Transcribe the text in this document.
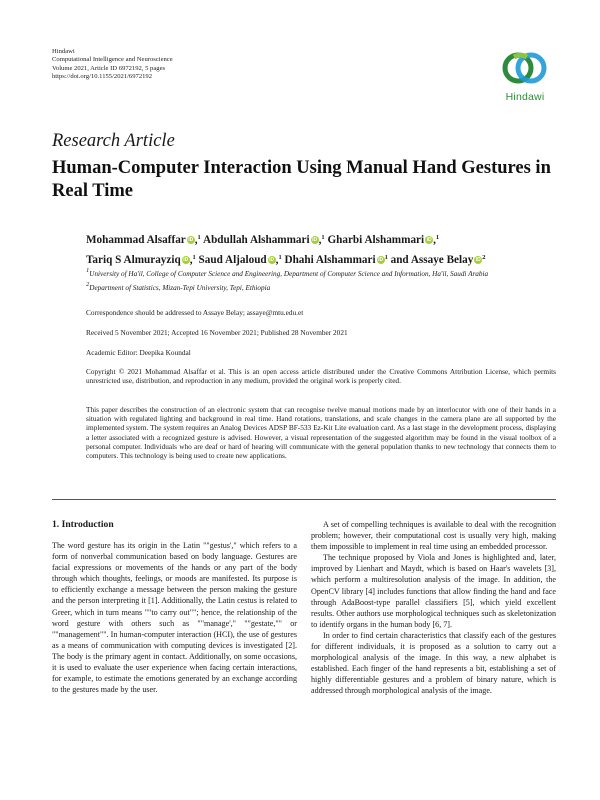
Hindawi
Computational Intelligence and Neuroscience
Volume 2021, Article ID 6972192, 5 pages
https://doi.org/10.1155/2021/6972192
Hindawi
Research Article
Human-Computer Interaction Using Manual Hand Gestures in Real Time
Mohammad Alsaffar iD ,$^1$ Abdullah Alshammari iD ,$^1$ Gharbi Alshammari iD ,$^1$
Tariq S Almurayziq iD ,$^1$ Saud Aljaloud iD ,$^1$ Dhahi Alshammari iD $^1$ and Assaye Belay iD $^2$

1University of Ha'il, College of Computer Science and Engineering, Department of Computer Science and Information, Ha'il, Saudi Arabia

2Department of Statistics, Mizan-Tepi University, Tepi, Ethiopia

Correspondence should be addressed to Assaye Belay; assaye@mtu.edu.et
Received 5 November 2021; Accepted 16 November 2021; Published 28 November 2021
Academic Editor: Deepika Koundal
Copyright © 2021 Mohammad Alsaffar et al. This is an open access article distributed under the Creative Commons Attribution License, which permits unrestricted use, distribution, and reproduction in any medium, provided the original work is properly cited.
This paper describes the construction of an electronic system that can recognise twelve manual motions made by an interlocutor with one of their hands in a situation with regulated lighting and background in real time. Hand rotations, translations, and scale changes in the camera plane are all supported by the implemented system. The system requires an Analog Devices ADSP BF-533 Ez-Kit Lite evaluation card. As a last stage in the development process, displaying a letter associated with a recognized gesture is advised. However, a visual representation of the suggested algorithm may be found in the visual toolbox of a personal computer. Individuals who are deaf or hard of hearing will communicate with the general population thanks to new technology that connects them to computers. This technology is being used to create new applications.
1. Introduction

The word gesture has its origin in the Latin ""gestus'," which refers to a form of nonverbal communication based on body language. Gestures are facial expressions or movements of the hands or any part of the body through which thoughts, feelings, or moods are manifested. Its purpose is to efficiently exchange a message between the person making the gesture and the person interpreting it [1]. Additionally, the Latin cestus is related to Greer, which in turn means ""to carry out""; hence, the relationship of the word gesture with others such as ""manage'," ""gestate,"" or ""management"". In human-computer interaction (HCI), the use of gestures as a means of communication with computing devices is investigated [2]. The body is the primary agent in contact. Additionally, on some occasions, it is used to evaluate the user experience when facing certain interactions, for example, to estimate the emotions generated by an exchange according to the gestures made by the user.

A set of compelling techniques is available to deal with the recognition problem; however, their computational cost is usually very high, making them impossible to implement in real time using an embedded processor.

The technique proposed by Viola and Jones is highlighted and, later, improved by Lienhart and Maydt, which is based on Haar's wavelets [3], which perform a multiresolution analysis of the image. In addition, the OpenCV library [4] includes functions that allow finding the hand and face through AdaBoost-type parallel classifiers [5], which yield excellent results. Other authors use morphological techniques such as skeletonization to identify organs in the human body [6, 7].

In order to find certain characteristics that classify each of the gestures for different individuals, it is proposed as a solution to carry out a morphological analysis of the image. In this way, a new alphabet is established. Each finger of the hand represents a bit, establishing a set of highly differentiable gestures and a problem of binary nature, which is addressed through morphological analysis of the image.
